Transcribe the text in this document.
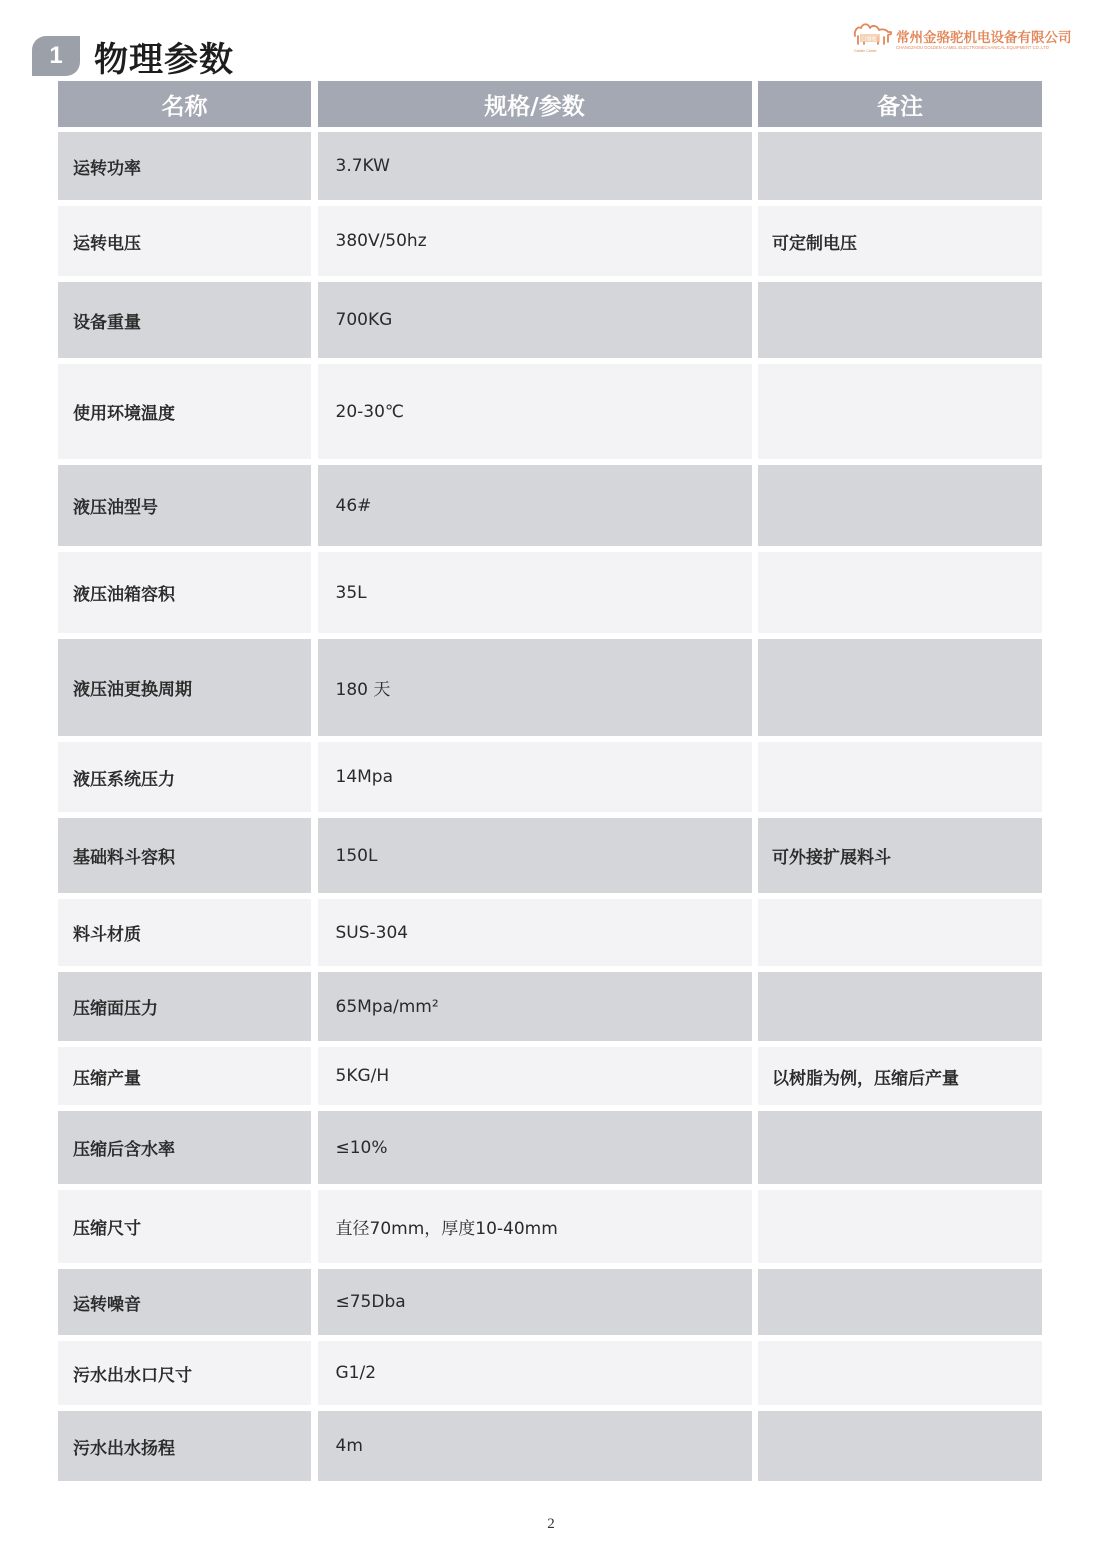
1 物理参数
金骆驼
Golden Camel
常州金骆驼机电设备有限公司
CHANGZHOU GOLDEN CAMEL ELECTROMECHANICAL EQUIPMENT CO.,LTD
名称	规格/参数	备注
运转功率	3.7KW
运转电压	380V/50hz	可定制电压
设备重量	700KG
使用环境温度	20-30℃
液压油型号	46#
液压油箱容积	35L
液压油更换周期	180 天
液压系统压力	14Mpa
基础料斗容积	150L	可外接扩展料斗
料斗材质	SUS-304
压缩面压力	65Mpa/mm²
压缩产量	5KG/H	以树脂为例，压缩后产量
压缩后含水率	≤10%
压缩尺寸	直径70mm，厚度10-40mm
运转噪音	≤75Dba
污水出水口尺寸	G1/2
污水出水扬程	4m
2
